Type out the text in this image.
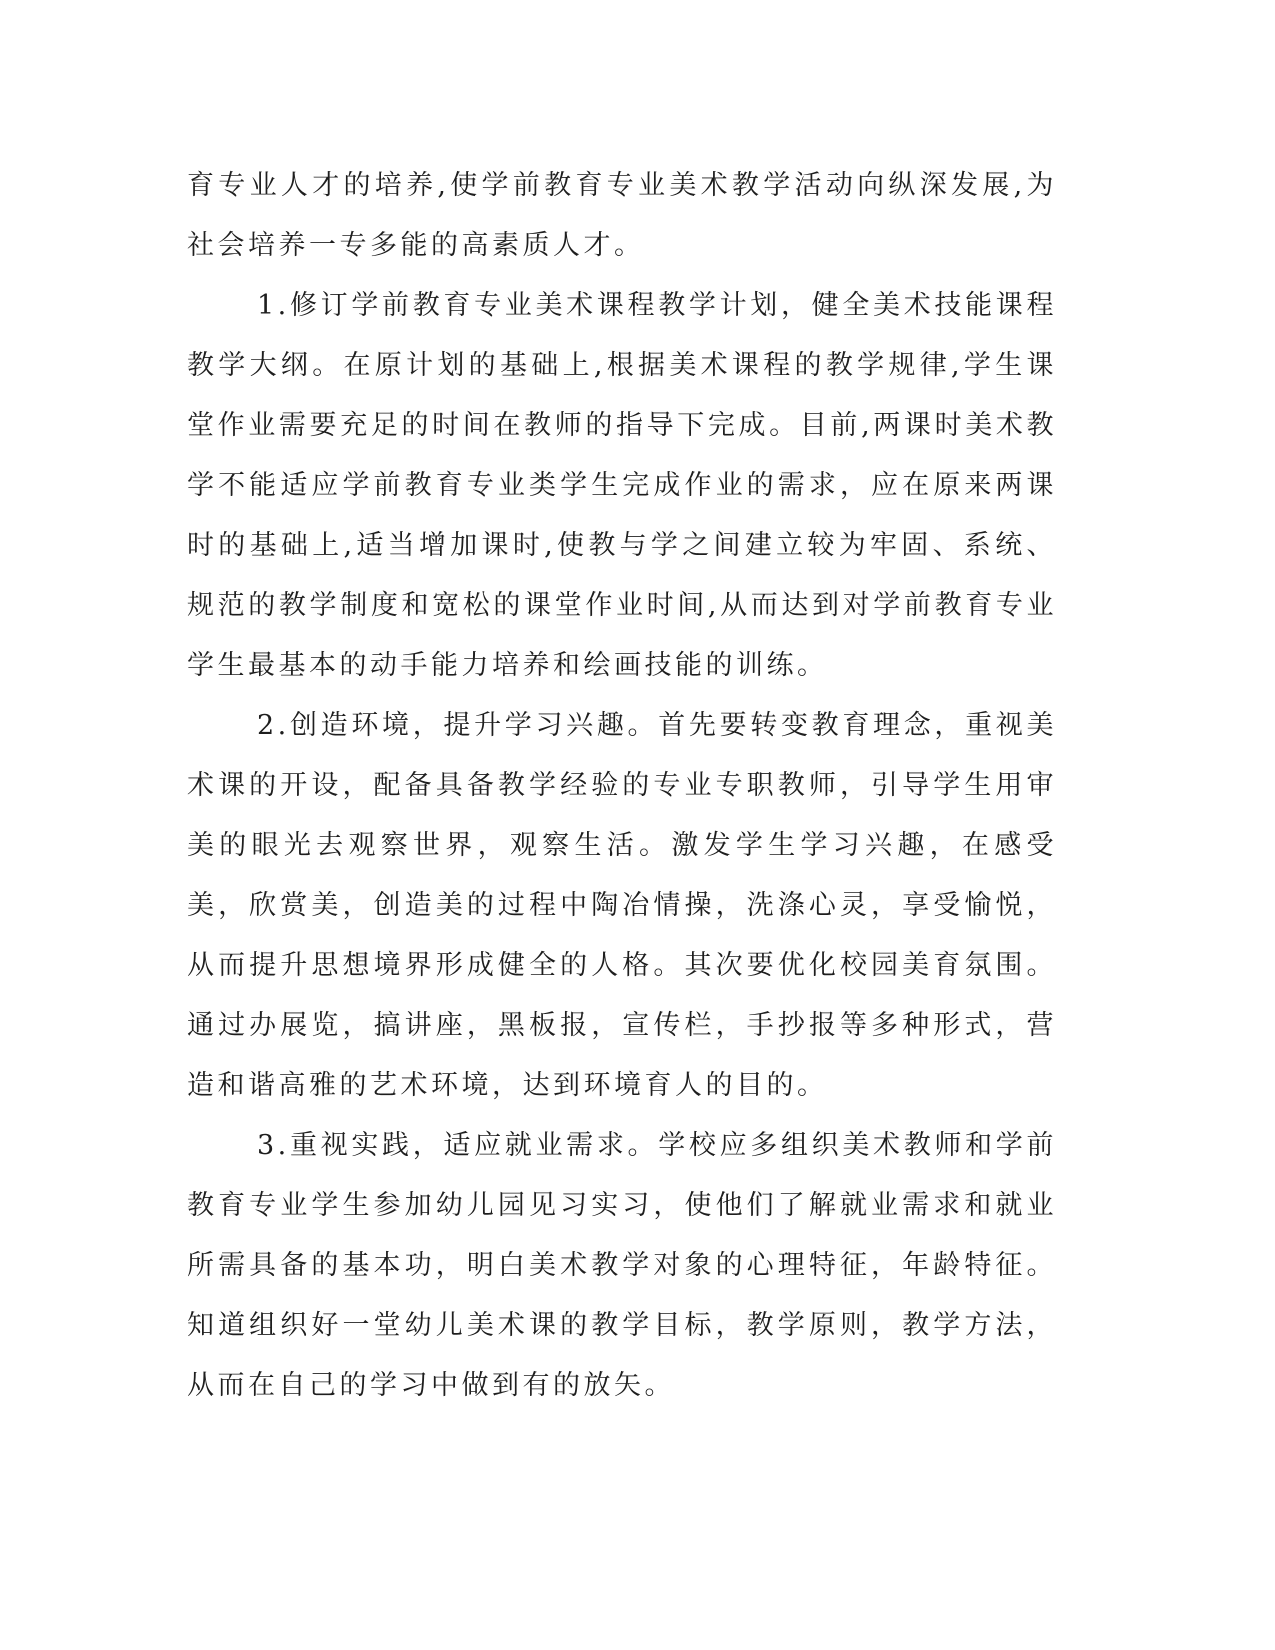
育专业人才的培养,使学前教育专业美术教学活动向纵深发展,为社会培养一专多能的高素质人才。

1.修订学前教育专业美术课程教学计划，健全美术技能课程教学大纲。在原计划的基础上,根据美术课程的教学规律,学生课堂作业需要充足的时间在教师的指导下完成。目前,两课时美术教学不能适应学前教育专业类学生完成作业的需求，应在原来两课时的基础上,适当增加课时,使教与学之间建立较为牢固、系统、规范的教学制度和宽松的课堂作业时间,从而达到对学前教育专业学生最基本的动手能力培养和绘画技能的训练。

2.创造环境，提升学习兴趣。首先要转变教育理念，重视美术课的开设，配备具备教学经验的专业专职教师，引导学生用审美的眼光去观察世界，观察生活。激发学生学习兴趣，在感受美，欣赏美，创造美的过程中陶冶情操，洗涤心灵，享受愉悦，从而提升思想境界形成健全的人格。其次要优化校园美育氛围。通过办展览，搞讲座，黑板报，宣传栏，手抄报等多种形式，营造和谐高雅的艺术环境，达到环境育人的目的。

3.重视实践，适应就业需求。学校应多组织美术教师和学前教育专业学生参加幼儿园见习实习，使他们了解就业需求和就业所需具备的基本功，明白美术教学对象的心理特征，年龄特征。知道组织好一堂幼儿美术课的教学目标，教学原则，教学方法，从而在自己的学习中做到有的放矢。
